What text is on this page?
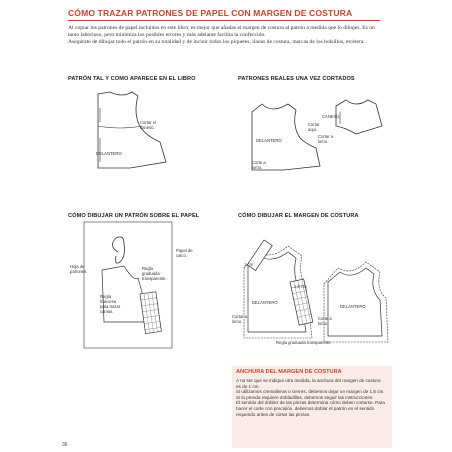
CÓMO TRAZAR PATRONES DE PAPEL CON MARGEN DE COSTURA

Al copiar los patrones de papel incluidos en este libro, es mejor que añadas el margen de costura al patrón a medida que lo dibujes. Es un tanto laborioso, pero minimiza los posibles errores y más adelante facilita la confección.

Asegúrate de dibujar todo el patrón en su totalidad y de incluir todos los piquetes, líneas de costura, marcas de los bolsillos, etcétera.

PATRÓN TAL Y COMO APARECE EN EL LIBRO	PATRONES REALES UNA VEZ CORTADOS
CÓMO DIBUJAR UN PATRÓN SOBRE EL PAPEL	CÓMO DIBUJAR EL MARGEN DE COSTURA
Cortar el canesú.
DELANTERO
DELANTERO
Cortar aquí.
Corte a lomo.
CANESÚ
Cortar a lomo.
Hoja de patrones
Regla francesa para trazar curvas.
Regla graduada transparente.
Papel de calco.
1 cm
1,5 cm
DELANTERO
DELANTERO
Cortar a lomo.
Corte a lomo.
Regla graduada transparente.
ANCHURA DEL MARGEN DE COSTURA

A no ser que se indique otra medida, la anchura del margen de costura es de 1 cm.

Si utilizamos cremalleras o cierres, debemos dejar un margen de 1,5 cm.

Si la prenda requiere dobladillos, debemos seguir las instrucciones.

El sentido del doblez de las pinzas determina cómo deben cortarse. Para hacer el corte con precisión, debemos doblar el patrón en el sentido requerido antes de cortar las pinzas.

36
